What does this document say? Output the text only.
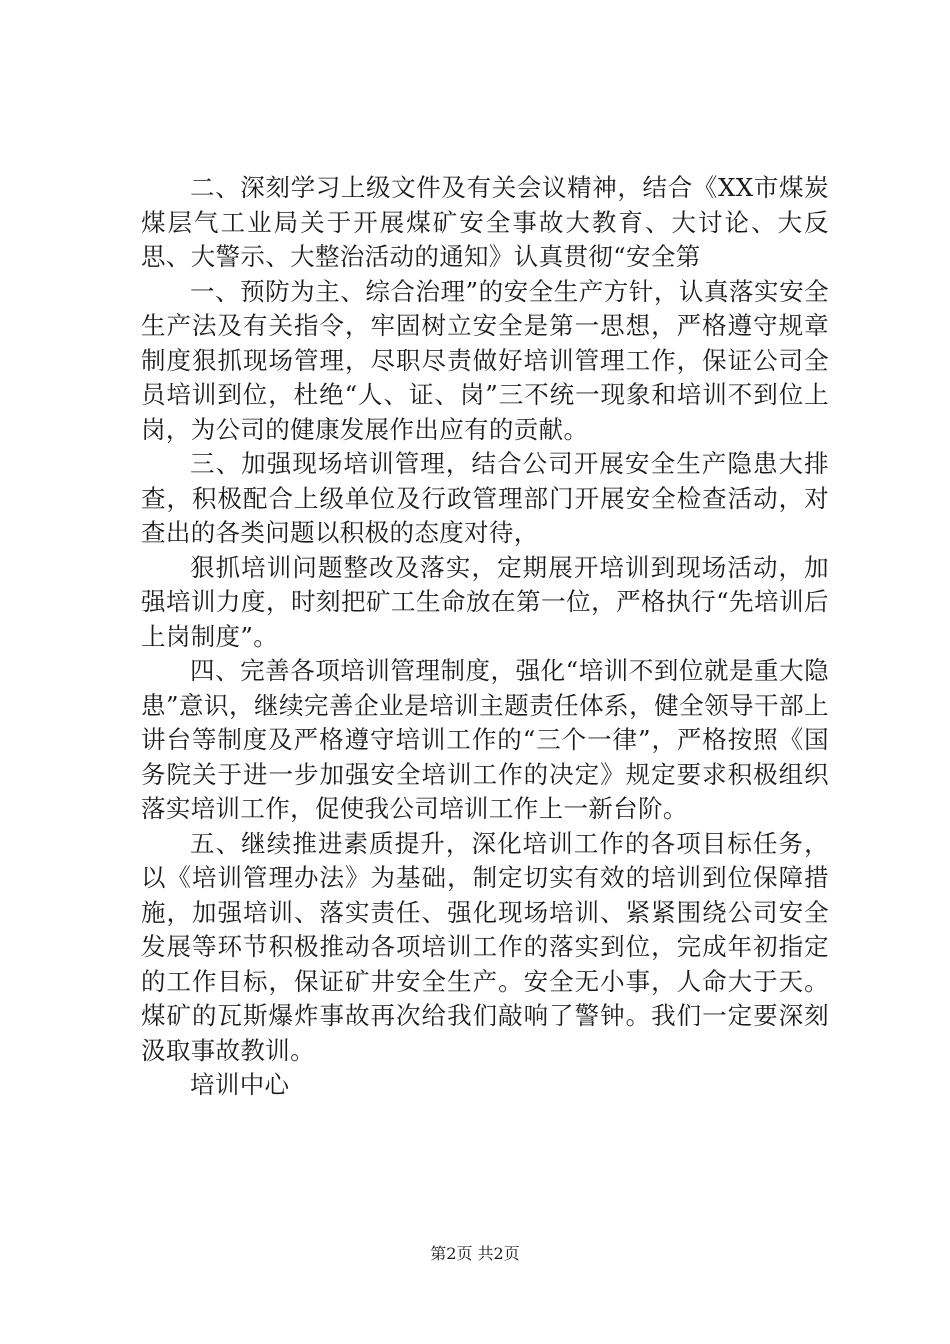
二、深刻学习上级文件及有关会议精神，结合《XX市煤炭煤层气工业局关于开展煤矿安全事故大教育、大讨论、大反思、大警示、大整治活动的通知》认真贯彻“安全第

一、预防为主、综合治理”的安全生产方针，认真落实安全生产法及有关指令，牢固树立安全是第一思想，严格遵守规章制度狠抓现场管理，尽职尽责做好培训管理工作，保证公司全员培训到位，杜绝“人、证、岗”三不统一现象和培训不到位上岗，为公司的健康发展作出应有的贡献。

三、加强现场培训管理，结合公司开展安全生产隐患大排查，积极配合上级单位及行政管理部门开展安全检查活动，对查出的各类问题以积极的态度对待，

狠抓培训问题整改及落实，定期展开培训到现场活动，加强培训力度，时刻把矿工生命放在第一位，严格执行“先培训后上岗制度”。

四、完善各项培训管理制度，强化“培训不到位就是重大隐患”意识，继续完善企业是培训主题责任体系，健全领导干部上讲台等制度及严格遵守培训工作的“三个一律”，严格按照《国务院关于进一步加强安全培训工作的决定》规定要求积极组织落实培训工作，促使我公司培训工作上一新台阶。

五、继续推进素质提升，深化培训工作的各项目标任务，以《培训管理办法》为基础，制定切实有效的培训到位保障措施，加强培训、落实责任、强化现场培训、紧紧围绕公司安全发展等环节积极推动各项培训工作的落实到位，完成年初指定的工作目标，保证矿井安全生产。安全无小事，人命大于天。煤矿的瓦斯爆炸事故再次给我们敲响了警钟。我们一定要深刻汲取事故教训。

培训中心

第2页 共2页
